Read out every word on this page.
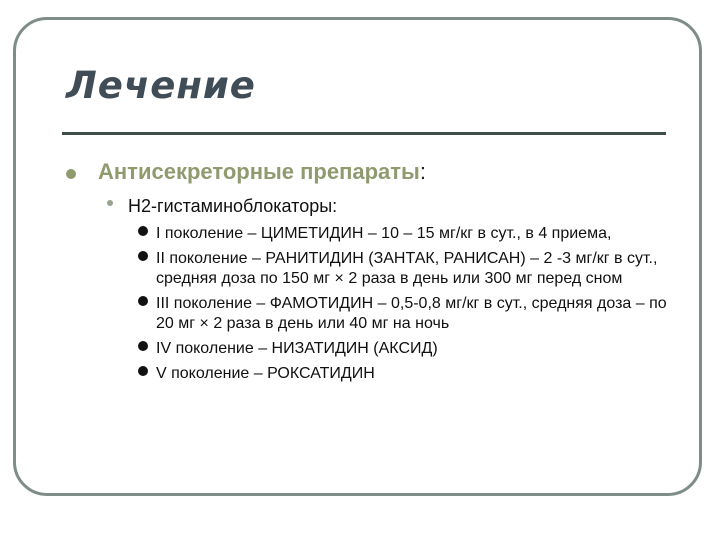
Лечение
Антисекреторные препараты:
Н2-гистаминоблокаторы:
I поколение – ЦИМЕТИДИН – 10 – 15 мг/кг в сут., в 4 приема,
II поколение – РАНИТИДИН (ЗАНТАК, РАНИСАН) – 2 -3 мг/кг в сут., средняя доза по 150 мг × 2 раза в день или 300 мг перед сном
III поколение – ФАМОТИДИН – 0,5-0,8 мг/кг в сут., средняя доза – по 20 мг × 2 раза в день или 40 мг на ночь
IV поколение – НИЗАТИДИН (АКСИД)
V поколение – РОКСАТИДИН
